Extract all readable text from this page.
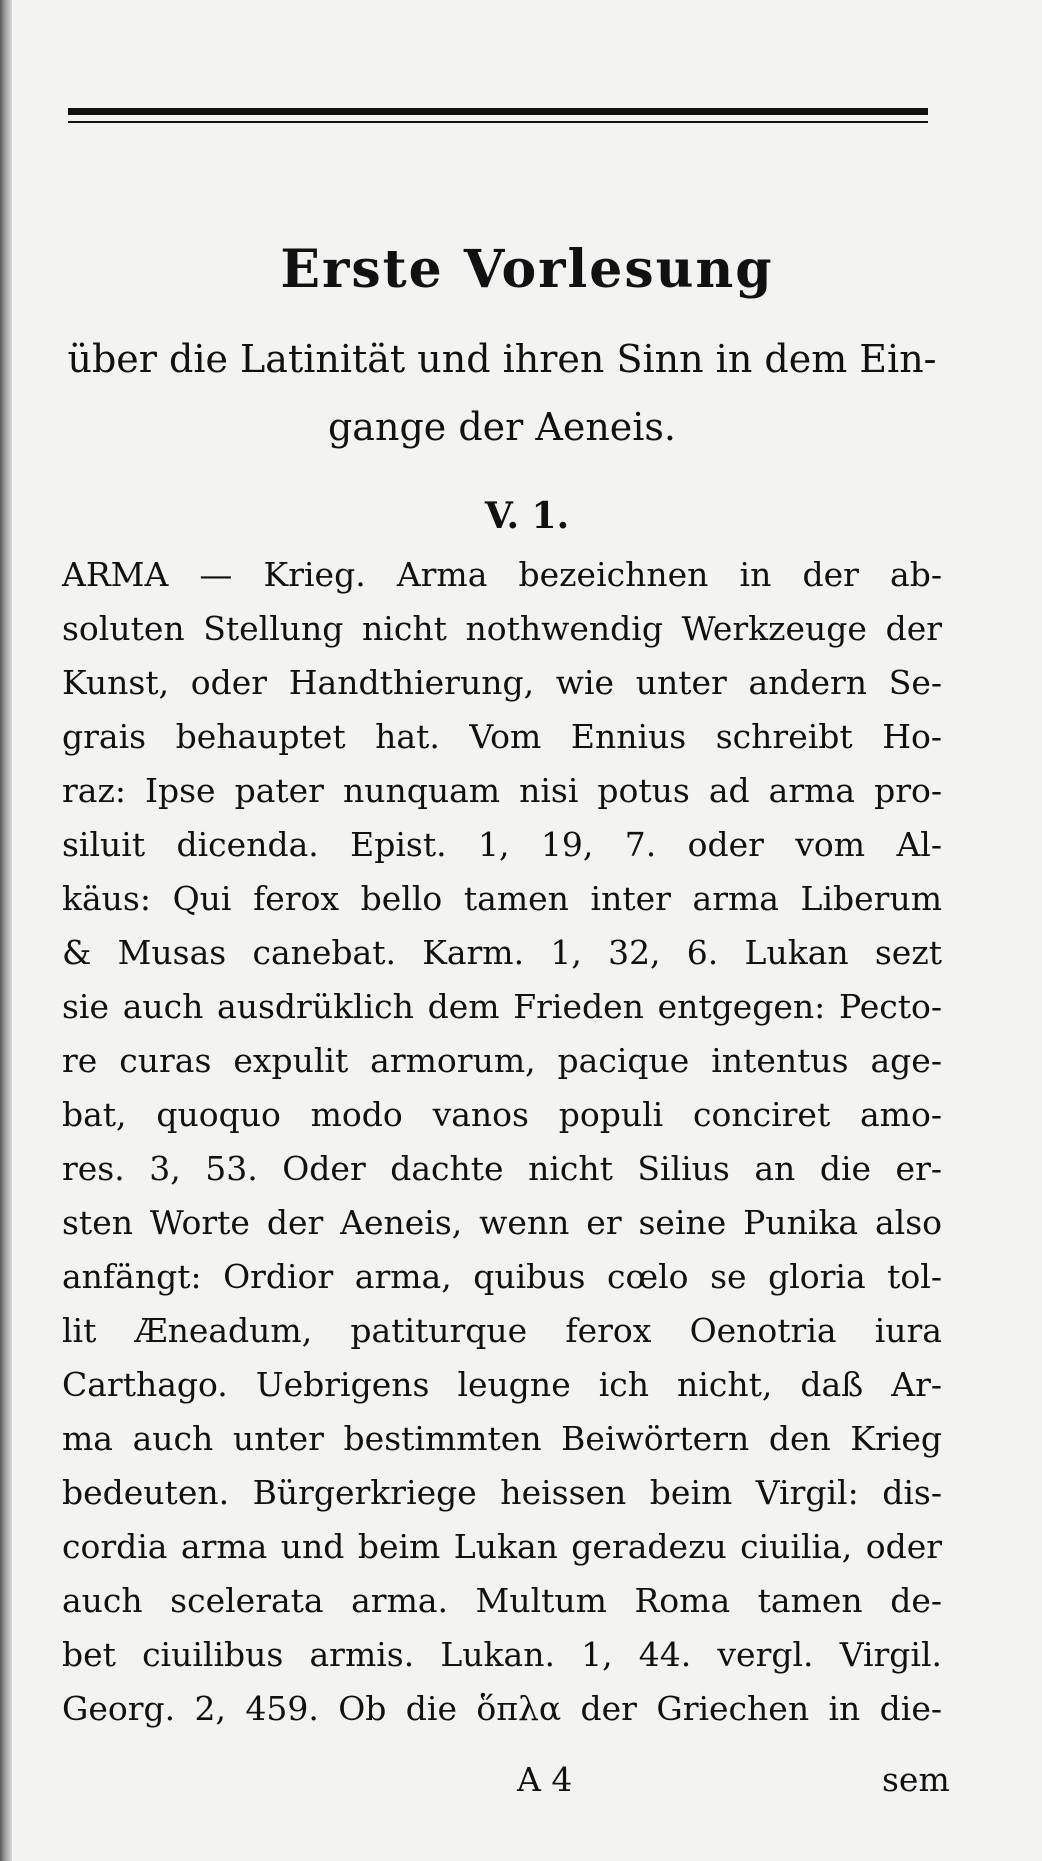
Erste Vorlesung
über die Latinität und ihren Sinn in dem Ein-
gange der Aeneis.
V. 1.
ARMA — Krieg. Arma bezeichnen in der ab-
soluten Stellung nicht nothwendig Werkzeuge der
Kunst, oder Handthierung, wie unter andern Se-
grais behauptet hat. Vom Ennius schreibt Ho-
raz: Ipse pater nunquam nisi potus ad arma pro-
siluit dicenda. Epist. 1, 19, 7. oder vom Al-
käus: Qui ferox bello tamen inter arma Liberum
& Musas canebat. Karm. 1, 32, 6. Lukan sezt
sie auch ausdrüklich dem Frieden entgegen: Pecto-
re curas expulit armorum, pacique intentus age-
bat, quoquo modo vanos populi conciret amo-
res. 3, 53. Oder dachte nicht Silius an die er-
sten Worte der Aeneis, wenn er seine Punika also
anfängt: Ordior arma, quibus cœlo se gloria tol-
lit Æneadum, patiturque ferox Oenotria iura
Carthago. Uebrigens leugne ich nicht, daß Ar-
ma auch unter bestimmten Beiwörtern den Krieg
bedeuten. Bürgerkriege heissen beim Virgil: dis-
cordia arma und beim Lukan geradezu ciuilia, oder
auch scelerata arma. Multum Roma tamen de-
bet ciuilibus armis. Lukan. 1, 44. vergl. Virgil.
Georg. 2, 459. Ob die ὅπλα der Griechen in die-
A 4	sem
